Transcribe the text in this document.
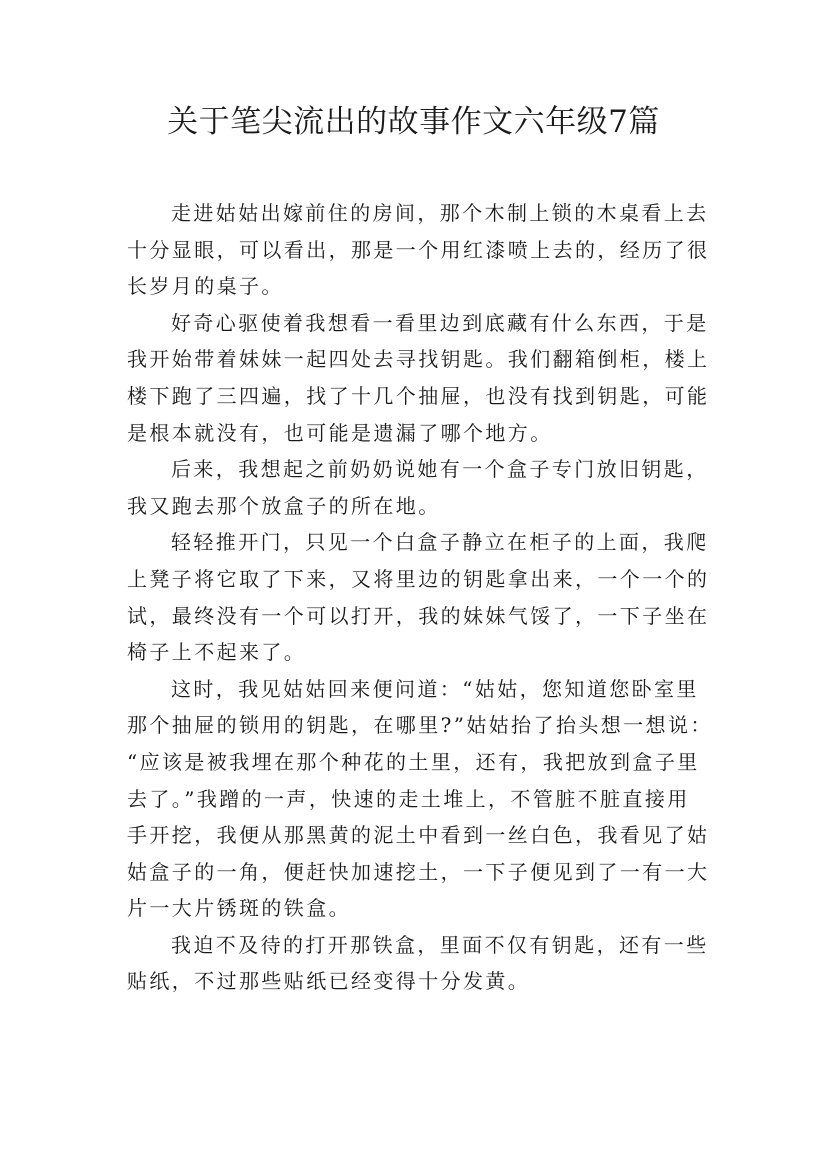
关于笔尖流出的故事作文六年级7篇
走进姑姑出嫁前住的房间，那个木制上锁的木桌看上去
十分显眼，可以看出，那是一个用红漆喷上去的，经历了很
长岁月的桌子。
好奇心驱使着我想看一看里边到底藏有什么东西，于是
我开始带着妹妹一起四处去寻找钥匙。我们翻箱倒柜，楼上
楼下跑了三四遍，找了十几个抽屉，也没有找到钥匙，可能
是根本就没有，也可能是遗漏了哪个地方。
后来，我想起之前奶奶说她有一个盒子专门放旧钥匙，
我又跑去那个放盒子的所在地。
轻轻推开门，只见一个白盒子静立在柜子的上面，我爬
上凳子将它取了下来，又将里边的钥匙拿出来，一个一个的
试，最终没有一个可以打开，我的妹妹气馁了，一下子坐在
椅子上不起来了。
这时，我见姑姑回来便问道：“姑姑，您知道您卧室里
那个抽屉的锁用的钥匙，在哪里?”姑姑抬了抬头想一想说：
“应该是被我埋在那个种花的土里，还有，我把放到盒子里
去了。”我蹭的一声，快速的走土堆上，不管脏不脏直接用
手开挖，我便从那黑黄的泥土中看到一丝白色，我看见了姑
姑盒子的一角，便赶快加速挖土，一下子便见到了一有一大
片一大片锈斑的铁盒。
我迫不及待的打开那铁盒，里面不仅有钥匙，还有一些
贴纸，不过那些贴纸已经变得十分发黄。
